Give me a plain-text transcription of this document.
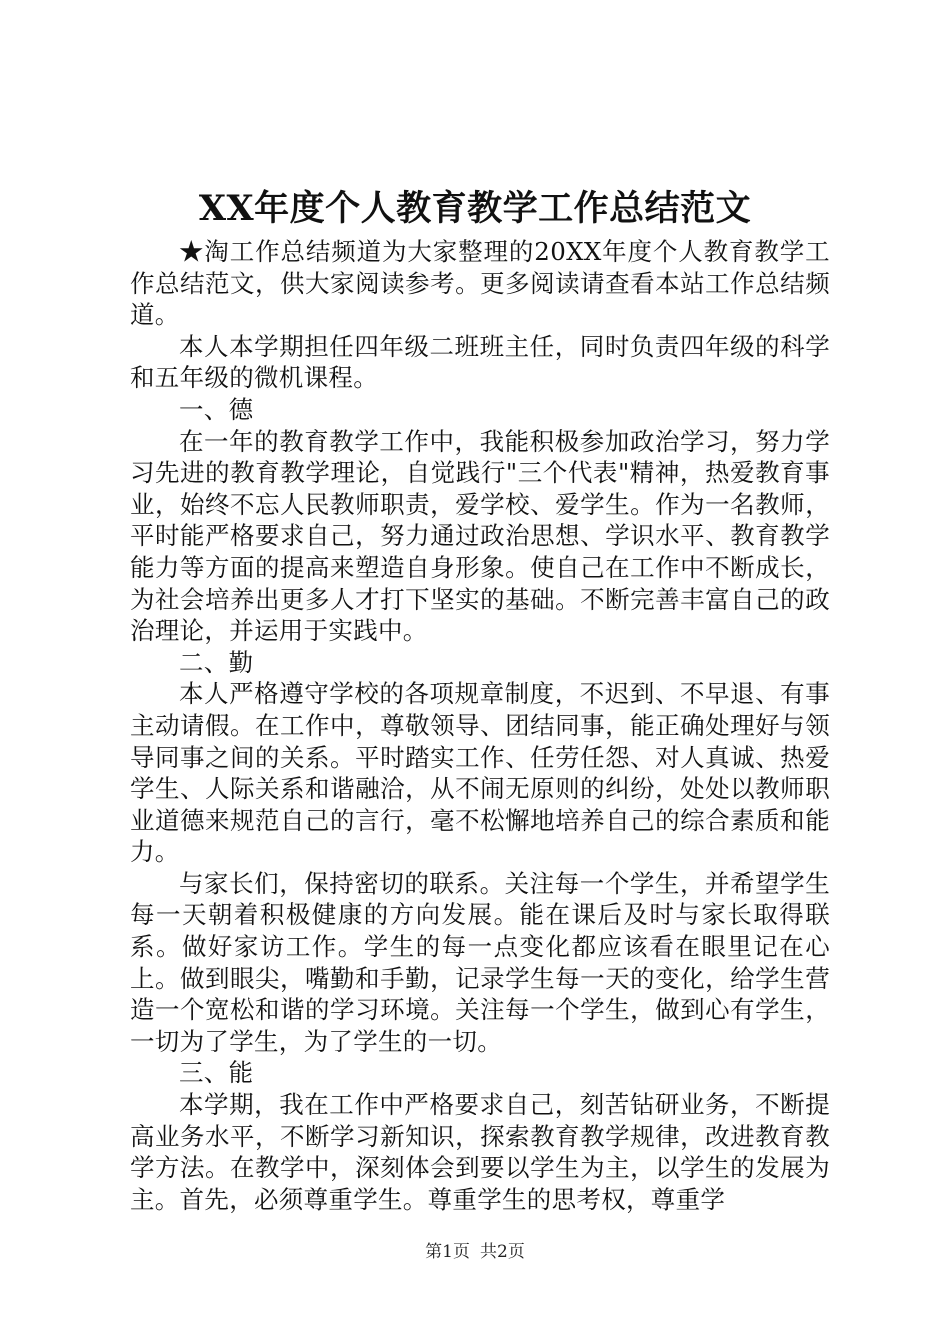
XX年度个人教育教学工作总结范文

★淘工作总结频道为大家整理的20XX年度个人教育教学工作总结范文，供大家阅读参考。更多阅读请查看本站工作总结频道。

本人本学期担任四年级二班班主任，同时负责四年级的科学和五年级的微机课程。

一、德

在一年的教育教学工作中，我能积极参加政治学习，努力学习先进的教育教学理论，自觉践行"三个代表"精神，热爱教育事业，始终不忘人民教师职责，爱学校、爱学生。作为一名教师，平时能严格要求自己，努力通过政治思想、学识水平、教育教学能力等方面的提高来塑造自身形象。使自己在工作中不断成长，为社会培养出更多人才打下坚实的基础。不断完善丰富自己的政治理论，并运用于实践中。

二、勤

本人严格遵守学校的各项规章制度，不迟到、不早退、有事主动请假。在工作中，尊敬领导、团结同事，能正确处理好与领导同事之间的关系。平时踏实工作、任劳任怨、对人真诚、热爱学生、人际关系和谐融洽，从不闹无原则的纠纷，处处以教师职业道德来规范自己的言行，毫不松懈地培养自己的综合素质和能力。

与家长们，保持密切的联系。关注每一个学生，并希望学生每一天朝着积极健康的方向发展。能在课后及时与家长取得联系。做好家访工作。学生的每一点变化都应该看在眼里记在心上。做到眼尖，嘴勤和手勤，记录学生每一天的变化，给学生营造一个宽松和谐的学习环境。关注每一个学生，做到心有学生，一切为了学生，为了学生的一切。

三、能

本学期，我在工作中严格要求自己，刻苦钻研业务，不断提高业务水平，不断学习新知识，探索教育教学规律，改进教育教学方法。在教学中，深刻体会到要以学生为主，以学生的发展为主。首先，必须尊重学生。尊重学生的思考权，尊重学

第1页 共2页
